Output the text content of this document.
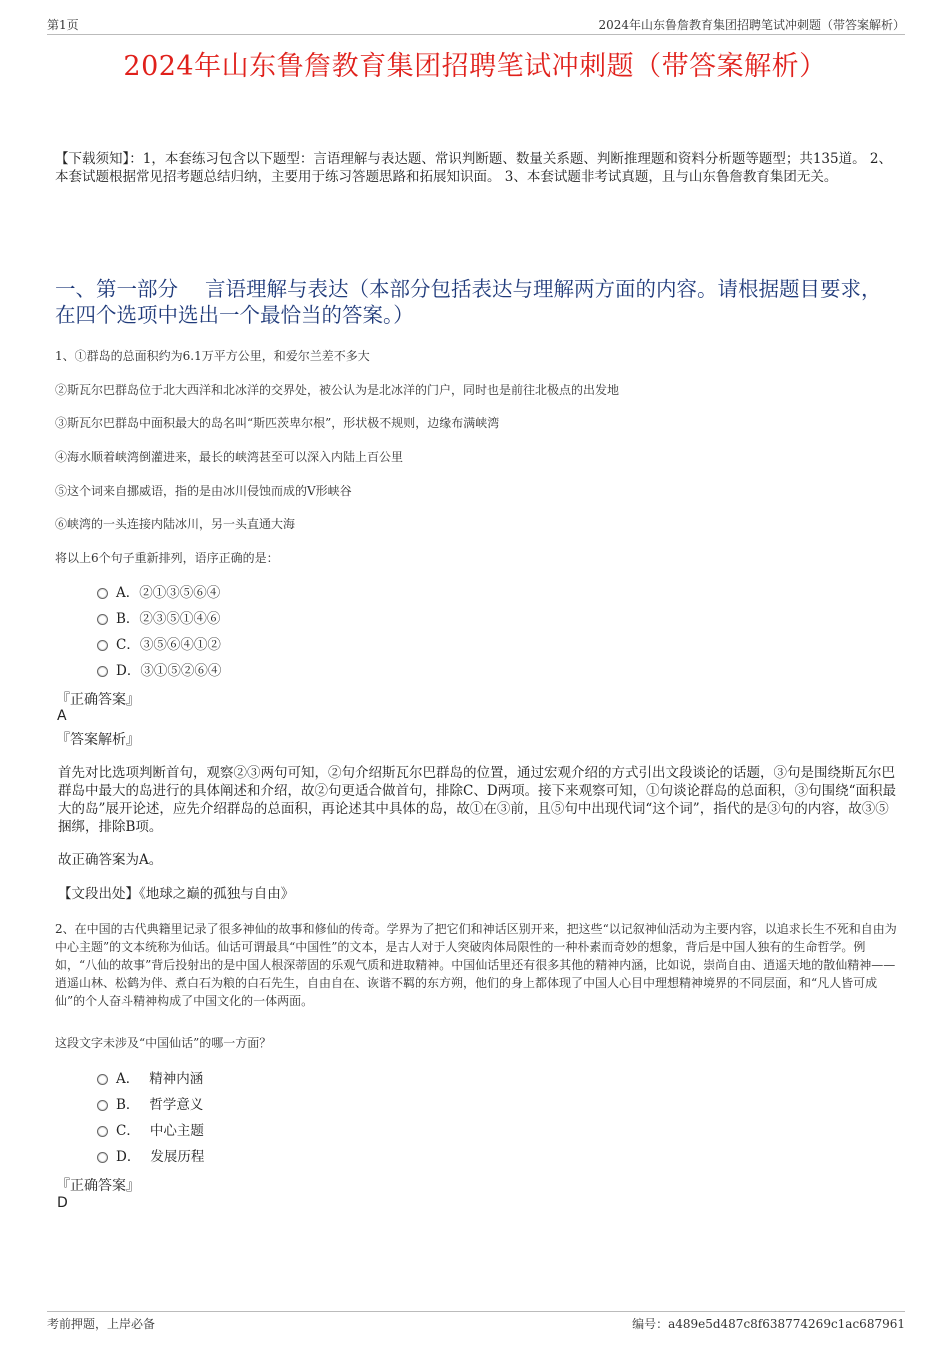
第1页	2024年山东鲁詹教育集团招聘笔试冲刺题（带答案解析）
2024年山东鲁詹教育集团招聘笔试冲刺题（带答案解析）
【下载须知】：1，本套练习包含以下题型：言语理解与表达题、常识判断题、数量关系题、判断推理题和资料分析题等题型；共135道。 2、本套试题根据常见招考题总结归纳，主要用于练习答题思路和拓展知识面。 3、本套试题非考试真题，且与山东鲁詹教育集团无关。
一、第一部分　 言语理解与表达（本部分包括表达与理解两方面的内容。请根据题目要求，在四个选项中选出一个最恰当的答案。）
1、①群岛的总面积约为6.1万平方公里，和爱尔兰差不多大
②斯瓦尔巴群岛位于北大西洋和北冰洋的交界处，被公认为是北冰洋的门户，同时也是前往北极点的出发地
③斯瓦尔巴群岛中面积最大的岛名叫“斯匹茨卑尔根”，形状极不规则，边缘布满峡湾
④海水顺着峡湾倒灌进来，最长的峡湾甚至可以深入内陆上百公里
⑤这个词来自挪威语，指的是由冰川侵蚀而成的V形峡谷
⑥峡湾的一头连接内陆冰川，另一头直通大海
将以上6个句子重新排列，语序正确的是：
A．②①③⑤⑥④
B．②③⑤①④⑥
C．③⑤⑥④①②
D．③①⑤②⑥④
『正确答案』
A
『答案解析』
首先对比选项判断首句，观察②③两句可知，②句介绍斯瓦尔巴群岛的位置，通过宏观介绍的方式引出文段谈论的话题，③句是围绕斯瓦尔巴群岛中最大的岛进行的具体阐述和介绍，故②句更适合做首句，排除C、D两项。接下来观察可知，①句谈论群岛的总面积，③句围绕“面积最大的岛”展开论述，应先介绍群岛的总面积，再论述其中具体的岛，故①在③前，且⑤句中出现代词“这个词”，指代的是③句的内容，故③⑤捆绑，排除B项。
故正确答案为A。
【文段出处】《地球之巅的孤独与自由》
2、在中国的古代典籍里记录了很多神仙的故事和修仙的传奇。学界为了把它们和神话区别开来，把这些“以记叙神仙活动为主要内容，以追求长生不死和自由为中心主题”的文本统称为仙话。仙话可谓最具“中国性”的文本，是古人对于人突破肉体局限性的一种朴素而奇妙的想象，背后是中国人独有的生命哲学。例如，“八仙的故事”背后投射出的是中国人根深蒂固的乐观气质和进取精神。中国仙话里还有很多其他的精神内涵，比如说，崇尚自由、逍遥天地的散仙精神——逍遥山林、松鹤为伴、煮白石为粮的白石先生，自由自在、诙谐不羁的东方朔，他们的身上都体现了中国人心目中理想精神境界的不同层面，和“凡人皆可成仙”的个人奋斗精神构成了中国文化的一体两面。
这段文字未涉及“中国仙话”的哪一方面？
A． 精神内涵
B． 哲学意义
C． 中心主题
D． 发展历程
『正确答案』
D
考前押题，上岸必备	编号：a489e5d487c8f638774269c1ac687961
